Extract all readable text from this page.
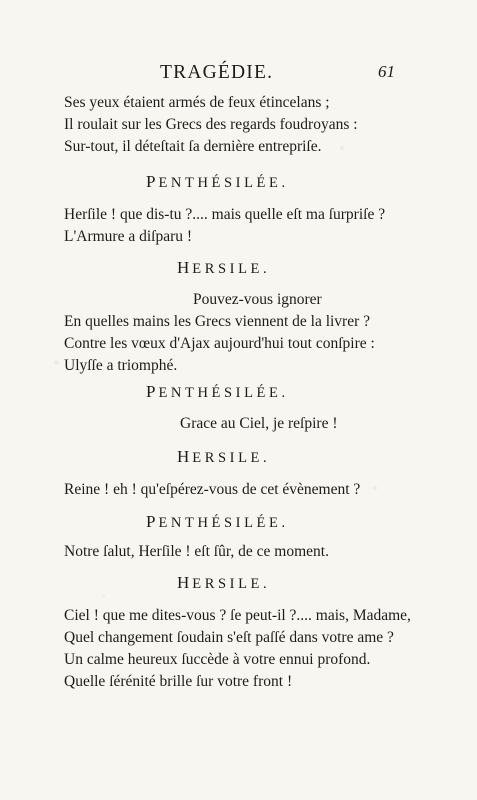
TRAGÉDIE.	61
Ses yeux étaient armés de feux étincelans ;
Il roulait sur les Grecs des regards foudroyans :
Sur-tout, il déteſtait ſa dernière entrepriſe.
PENTHÉSILÉE.
Herſile ! que dis-tu ?.... mais quelle eſt ma ſurpriſe ?
L'Armure a diſparu !
HERSILE.
Pouvez-vous ignorer
En quelles mains les Grecs viennent de la livrer ?
Contre les vœux d'Ajax aujourd'hui tout conſpire :
Ulyſſe a triomphé.
PENTHÉSILÉE.
Grace au Ciel, je reſpire !
HERSILE.
Reine ! eh ! qu'eſpérez-vous de cet évènement ?
PENTHÉSILÉE.
Notre ſalut, Herſile ! eſt ſûr, de ce moment.
HERSILE.
Ciel ! que me dites-vous ? ſe peut-il ?.... mais, Madame,
Quel changement ſoudain s'eſt paſſé dans votre ame ?
Un calme heureux ſuccède à votre ennui profond.
Quelle ſérénité brille ſur votre front !
